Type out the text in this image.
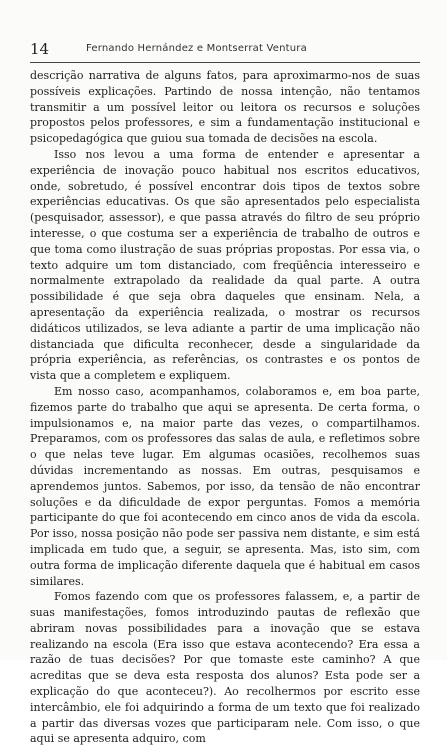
14	Fernando Hernández e Montserrat Ventura

descrição narrativa de alguns fatos, para aproximarmo-nos de suas possíveis explicações. Partindo de nossa intenção, não tentamos transmitir a um possível leitor ou leitora os recursos e soluções propostos pelos professores, e sim a fundamentação institucional e psicopedagógica que guiou sua tomada de decisões na escola.

Isso nos levou a uma forma de entender e apresentar a experiência de inovação pouco habitual nos escritos educativos, onde, sobretudo, é possível encontrar dois tipos de textos sobre experiências educativas. Os que são apresentados pelo especialista (pesquisador, assessor), e que passa através do filtro de seu próprio interesse, o que costuma ser a experiência de trabalho de outros e que toma como ilustração de suas próprias propostas. Por essa via, o texto adquire um tom distanciado, com freqüência interesseiro e normalmente extrapolado da realidade da qual parte. A outra possibilidade é que seja obra daqueles que ensinam. Nela, a apresentação da experiência realizada, o mostrar os recursos didáticos utilizados, se leva adiante a partir de uma implicação não distanciada que dificulta reconhecer, desde a singularidade da própria experiência, as referências, os contrastes e os pontos de vista que a completem e expliquem.

Em nosso caso, acompanhamos, colaboramos e, em boa parte, fizemos parte do trabalho que aqui se apresenta. De certa forma, o impulsionamos e, na maior parte das vezes, o compartilhamos. Preparamos, com os professores das salas de aula, e refletimos sobre o que nelas teve lugar. Em algumas ocasiões, recolhemos suas dúvidas incrementando as nossas. Em outras, pesquisamos e aprendemos juntos. Sabemos, por isso, da tensão de não encontrar soluções e da dificuldade de expor perguntas. Fomos a memória participante do que foi acontecendo em cinco anos de vida da escola. Por isso, nossa posição não pode ser passiva nem distante, e sim está implicada em tudo que, a seguir, se apresenta. Mas, isto sim, com outra forma de implicação diferente daquela que é habitual em casos similares.

Fomos fazendo com que os professores falassem, e, a partir de suas manifestações, fomos introduzindo pautas de reflexão que abriram novas possibilidades para a inovação que se estava realizando na escola (Era isso que estava acontecendo? Era essa a razão de tuas decisões? Por que tomaste este caminho? A que acreditas que se deva esta resposta dos alunos? Esta pode ser a explicação do que aconteceu?). Ao recolhermos por escrito esse intercâmbio, ele foi adquirindo a forma de um texto que foi realizado a partir das diversas vozes que participaram nele. Com isso, o que aqui se apresenta adquiro, com
